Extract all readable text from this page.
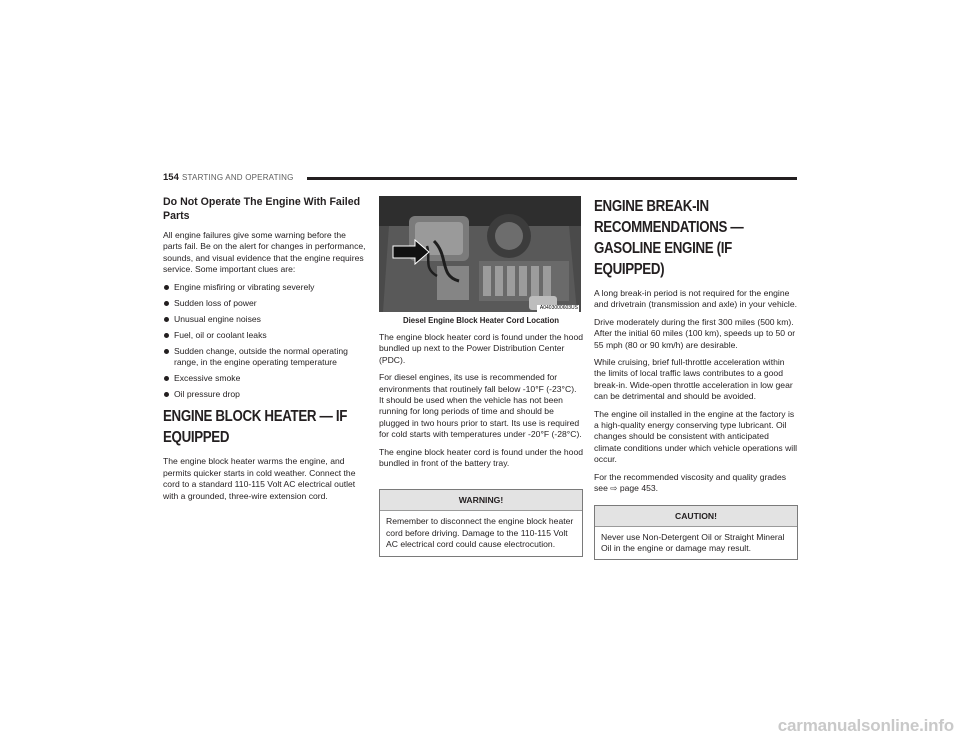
154 STARTING AND OPERATING
Do Not Operate The Engine With Failed Parts

All engine failures give some warning before the parts fail. Be on the alert for changes in performance, sounds, and visual evidence that the engine requires service. Some important clues are:

Engine misfiring or vibrating severely
Sudden loss of power
Unusual engine noises
Fuel, oil or coolant leaks
Sudden change, outside the normal operating range, in the engine operating temperature
Excessive smoke
Oil pressure drop
ENGINE BLOCK HEATER — IF EQUIPPED

The engine block heater warms the engine, and permits quicker starts in cold weather. Connect the cord to a standard 110-115 Volt AC electrical outlet with a grounded, three-wire extension cord.

A0403000603US
Diesel Engine Block Heater Cord Location

The engine block heater cord is found under the hood bundled up next to the Power Distribution Center (PDC).

For diesel engines, its use is recommended for environments that routinely fall below -10°F (-23°C). It should be used when the vehicle has not been running for long periods of time and should be plugged in two hours prior to start. Its use is required for cold starts with temperatures under -20°F (-28°C).

The engine block heater cord is found under the hood bundled in front of the battery tray.

WARNING!
Remember to disconnect the engine block heater cord before driving. Damage to the 110-115 Volt AC electrical cord could cause electrocution.
ENGINE BREAK-IN RECOMMENDATIONS —
GASOLINE ENGINE (IF EQUIPPED)

A long break-in period is not required for the engine and drivetrain (transmission and axle) in your vehicle.

Drive moderately during the first 300 miles (500 km). After the initial 60 miles (100 km), speeds up to 50 or 55 mph (80 or 90 km/h) are desirable.

While cruising, brief full-throttle acceleration within the limits of local traffic laws contributes to a good break-in. Wide-open throttle acceleration in low gear can be detrimental and should be avoided.

The engine oil installed in the engine at the factory is a high-quality energy conserving type lubricant. Oil changes should be consistent with anticipated climate conditions under which vehicle operations will occur.

For the recommended viscosity and quality grades see ⇨ page 453.

CAUTION!
Never use Non-Detergent Oil or Straight Mineral Oil in the engine or damage may result.
carmanualsonline.info
